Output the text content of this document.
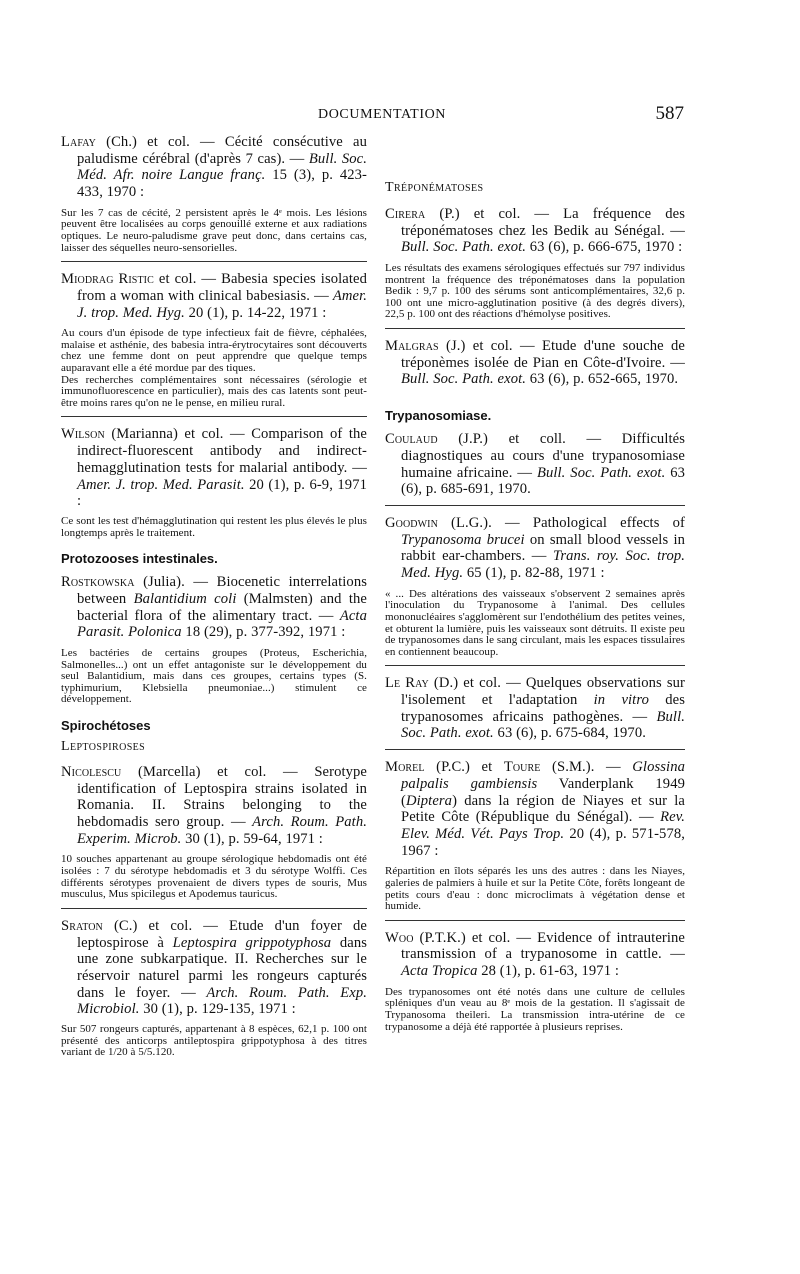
DOCUMENTATION	587

Lafay (Ch.) et col. — Cécité consécutive au paludisme cérébral (d'après 7 cas). — Bull. Soc. Méd. Afr. noire Langue franç. 15 (3), p. 423-433, 1970 :

Sur les 7 cas de cécité, 2 persistent après le 4ᵉ mois. Les lésions peuvent être localisées au corps genouillé externe et aux radiations optiques. Le neuro-paludisme grave peut donc, dans certains cas, laisser des séquelles neuro-sensorielles.

Miodrag Ristic et col. — Babesia species isolated from a woman with clinical babesiasis. — Amer. J. trop. Med. Hyg. 20 (1), p. 14-22, 1971 :

Au cours d'un épisode de type infectieux fait de fièvre, céphalées, malaise et asthénie, des babesia intra-érytrocytaires sont découverts chez une femme dont on peut apprendre que quelque temps auparavant elle a été mordue par des tiques.

Des recherches complémentaires sont nécessaires (sérologie et immunofluorescence en particulier), mais des cas latents sont peut-être moins rares qu'on ne le pense, en milieu rural.

Wilson (Marianna) et col. — Comparison of the indirect-fluorescent antibody and indirect-hemagglutination tests for malarial antibody. — Amer. J. trop. Med. Parasit. 20 (1), p. 6-9, 1971 :

Ce sont les test d'hémagglutination qui restent les plus élevés le plus longtemps après le traitement.

Protozooses intestinales.

Rostkowska (Julia). — Biocenetic interrelations between Balantidium coli (Malmsten) and the bacterial flora of the alimentary tract. — Acta Parasit. Polonica 18 (29), p. 377-392, 1971 :

Les bactéries de certains groupes (Proteus, Escherichia, Salmonelles...) ont un effet antagoniste sur le développement du seul Balantidium, mais dans ces groupes, certains types (S. typhimurium, Klebsiella pneumoniae...) stimulent ce développement.

Spirochétoses

Leptospiroses

Nicolescu (Marcella) et col. — Serotype identification of Leptospira strains isolated in Romania. II. Strains belonging to the hebdomadis sero group. — Arch. Roum. Path. Experim. Microb. 30 (1), p. 59-64, 1971 :

10 souches appartenant au groupe sérologique hebdomadis ont été isolées : 7 du sérotype hebdomadis et 3 du sérotype Wolffi. Ces différents sérotypes provenaient de divers types de souris, Mus musculus, Mus spicilegus et Apodemus tauricus.

Sraton (C.) et col. — Etude d'un foyer de leptospirose à Leptospira grippotyphosa dans une zone subkarpatique. II. Recherches sur le réservoir naturel parmi les rongeurs capturés dans le foyer. — Arch. Roum. Path. Exp. Microbiol. 30 (1), p. 129-135, 1971 :

Sur 507 rongeurs capturés, appartenant à 8 espèces, 62,1 p. 100 ont présenté des anticorps antileptospira grippotyphosa à des titres variant de 1/20 à 5/5.120.

Tréponématoses

Cirera (P.) et col. — La fréquence des tréponématoses chez les Bedik au Sénégal. — Bull. Soc. Path. exot. 63 (6), p. 666-675, 1970 :

Les résultats des examens sérologiques effectués sur 797 individus montrent la fréquence des tréponématoses dans la population Bedik : 9,7 p. 100 des sérums sont anticomplémentaires, 32,6 p. 100 ont une micro-agglutination positive (à des degrés divers), 22,5 p. 100 ont des réactions d'hémolyse positives.

Malgras (J.) et col. — Etude d'une souche de tréponèmes isolée de Pian en Côte-d'Ivoire. — Bull. Soc. Path. exot. 63 (6), p. 652-665, 1970.

Trypanosomiase.

Coulaud (J.P.) et coll. — Difficultés diagnostiques au cours d'une trypanosomiase humaine africaine. — Bull. Soc. Path. exot. 63 (6), p. 685-691, 1970.

Goodwin (L.G.). — Pathological effects of Trypanosoma brucei on small blood vessels in rabbit ear-chambers. — Trans. roy. Soc. trop. Med. Hyg. 65 (1), p. 82-88, 1971 :

« ... Des altérations des vaisseaux s'observent 2 semaines après l'inoculation du Trypanosome à l'animal. Des cellules mononucléaires s'agglomèrent sur l'endothélium des petites veines, et obturent la lumière, puis les vaisseaux sont détruits. Il existe peu de trypanosomes dans le sang circulant, mais les espaces tissulaires en contiennent beaucoup.

Le Ray (D.) et col. — Quelques observations sur l'isolement et l'adaptation in vitro des trypanosomes africains pathogènes. — Bull. Soc. Path. exot. 63 (6), p. 675-684, 1970.

Morel (P.C.) et Toure (S.M.). — Glossina palpalis gambiensis Vanderplank 1949 (Diptera) dans la région de Niayes et sur la Petite Côte (République du Sénégal). — Rev. Elev. Méd. Vét. Pays Trop. 20 (4), p. 571-578, 1967 :

Répartition en îlots séparés les uns des autres : dans les Niayes, galeries de palmiers à huile et sur la Petite Côte, forêts longeant de petits cours d'eau : donc microclimats à végétation dense et humide.

Woo (P.T.K.) et col. — Evidence of intrauterine transmission of a trypanosome in cattle. — Acta Tropica 28 (1), p. 61-63, 1971 :

Des trypanosomes ont été notés dans une culture de cellules spléniques d'un veau au 8ᵉ mois de la gestation. Il s'agissait de Trypanosoma theileri. La transmission intra-utérine de ce trypanosome a déjà été rapportée à plusieurs reprises.
